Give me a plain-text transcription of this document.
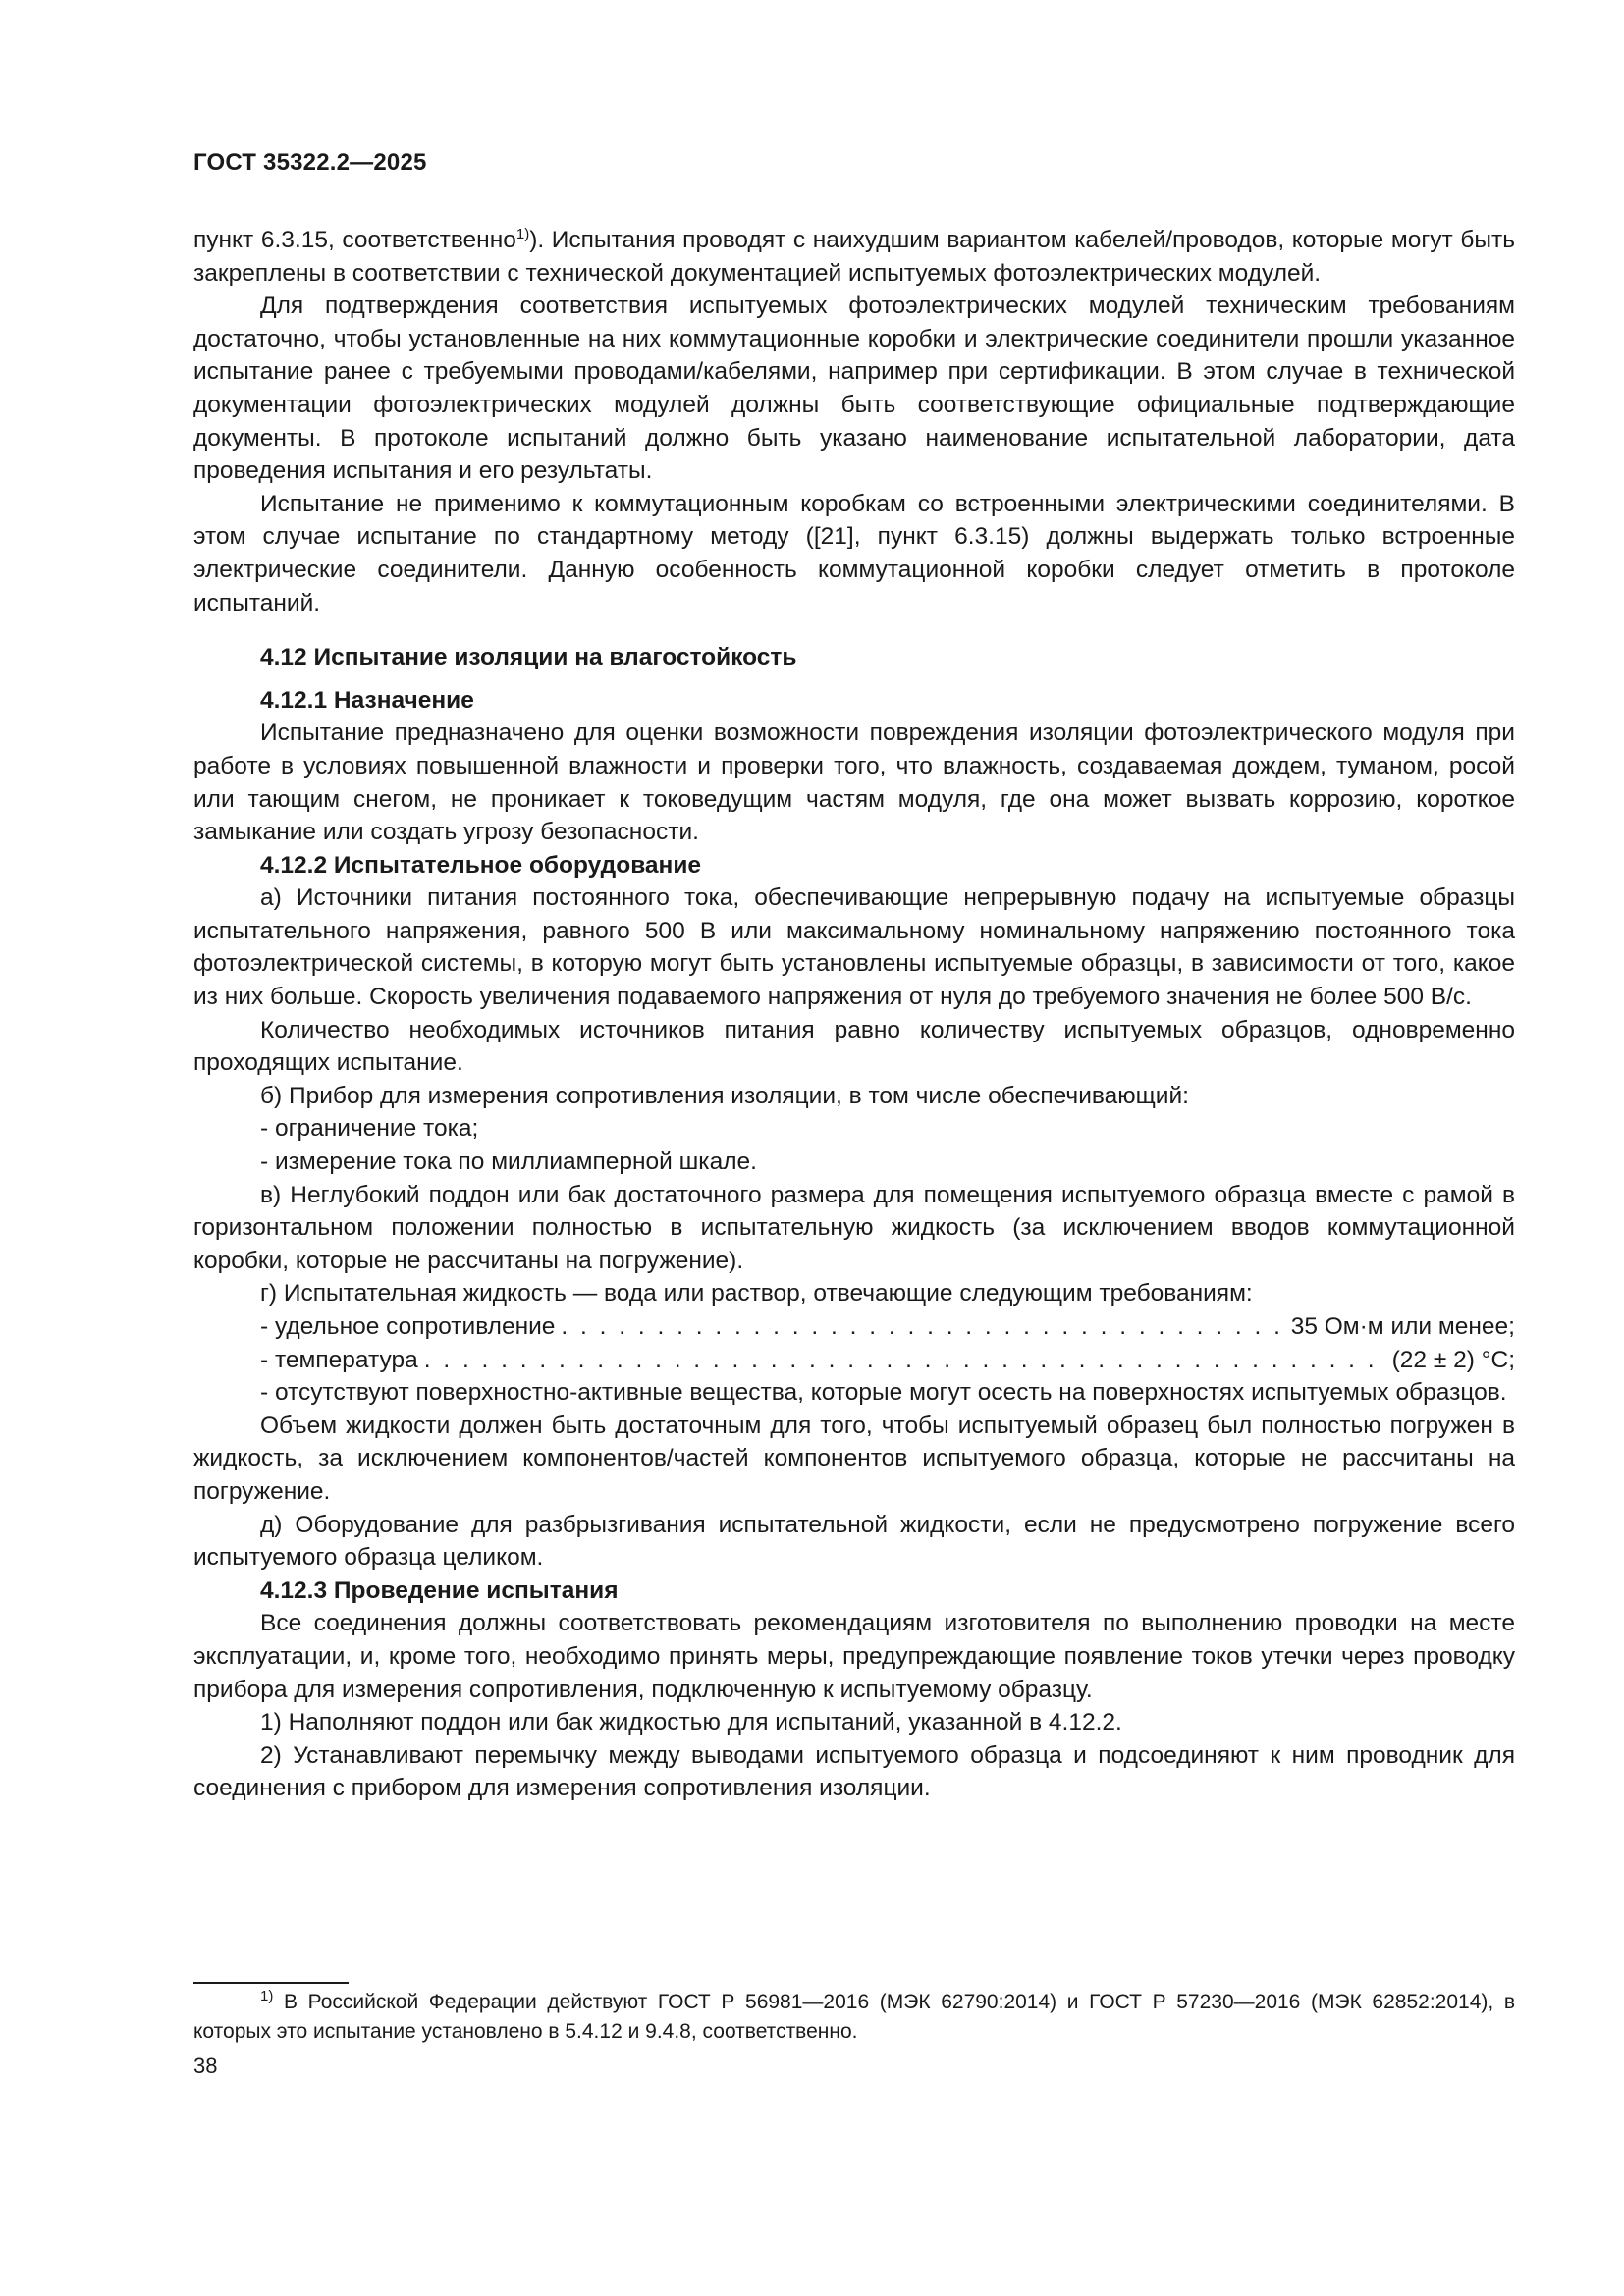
ГОСТ 35322.2—2025

пункт 6.3.15, соответственно$^{1)}$). Испытания проводят с наихудшим вариантом кабелей/проводов, которые могут быть закреплены в соответствии с технической документацией испытуемых фотоэлектрических модулей.

Для подтверждения соответствия испытуемых фотоэлектрических модулей техническим требованиям достаточно, чтобы установленные на них коммутационные коробки и электрические соединители прошли указанное испытание ранее с требуемыми проводами/кабелями, например при сертификации. В этом случае в технической документации фотоэлектрических модулей должны быть соответствующие официальные подтверждающие документы. В протоколе испытаний должно быть указано наименование испытательной лаборатории, дата проведения испытания и его результаты.

Испытание не применимо к коммутационным коробкам со встроенными электрическими соединителями. В этом случае испытание по стандартному методу ([21], пункт 6.3.15) должны выдержать только встроенные электрические соединители. Данную особенность коммутационной коробки следует отметить в протоколе испытаний.

4.12 Испытание изоляции на влагостойкость

4.12.1 Назначение

Испытание предназначено для оценки возможности повреждения изоляции фотоэлектрического модуля при работе в условиях повышенной влажности и проверки того, что влажность, создаваемая дождем, туманом, росой или тающим снегом, не проникает к токоведущим частям модуля, где она может вызвать коррозию, короткое замыкание или создать угрозу безопасности.

4.12.2 Испытательное оборудование

а) Источники питания постоянного тока, обеспечивающие непрерывную подачу на испытуемые образцы испытательного напряжения, равного 500 В или максимальному номинальному напряжению постоянного тока фотоэлектрической системы, в которую могут быть установлены испытуемые образцы, в зависимости от того, какое из них больше. Скорость увеличения подаваемого напряжения от нуля до требуемого значения не более 500 В/с.

Количество необходимых источников питания равно количеству испытуемых образцов, одновременно проходящих испытание.

б) Прибор для измерения сопротивления изоляции, в том числе обеспечивающий:

- ограничение тока;

- измерение тока по миллиамперной шкале.

в) Неглубокий поддон или бак достаточного размера для помещения испытуемого образца вместе с рамой в горизонтальном положении полностью в испытательную жидкость (за исключением вводов коммутационной коробки, которые не рассчитаны на погружение).

г) Испытательная жидкость — вода или раствор, отвечающие следующим требованиям:

- удельное сопротивление . . .	35 Ом·м или менее;
- температура . . .	(22 ± 2) °С;

- отсутствуют поверхностно-активные вещества, которые могут осесть на поверхностях испытуемых образцов.

Объем жидкости должен быть достаточным для того, чтобы испытуемый образец был полностью погружен в жидкость, за исключением компонентов/частей компонентов испытуемого образца, которые не рассчитаны на погружение.

д) Оборудование для разбрызгивания испытательной жидкости, если не предусмотрено погружение всего испытуемого образца целиком.

4.12.3 Проведение испытания

Все соединения должны соответствовать рекомендациям изготовителя по выполнению проводки на месте эксплуатации, и, кроме того, необходимо принять меры, предупреждающие появление токов утечки через проводку прибора для измерения сопротивления, подключенную к испытуемому образцу.

1) Наполняют поддон или бак жидкостью для испытаний, указанной в 4.12.2.

2) Устанавливают перемычку между выводами испытуемого образца и подсоединяют к ним проводник для соединения с прибором для измерения сопротивления изоляции.

$^{1)}$ В Российской Федерации действуют ГОСТ Р 56981—2016 (МЭК 62790:2014) и ГОСТ Р 57230—2016 (МЭК 62852:2014), в которых это испытание установлено в 5.4.12 и 9.4.8, соответственно.

38
